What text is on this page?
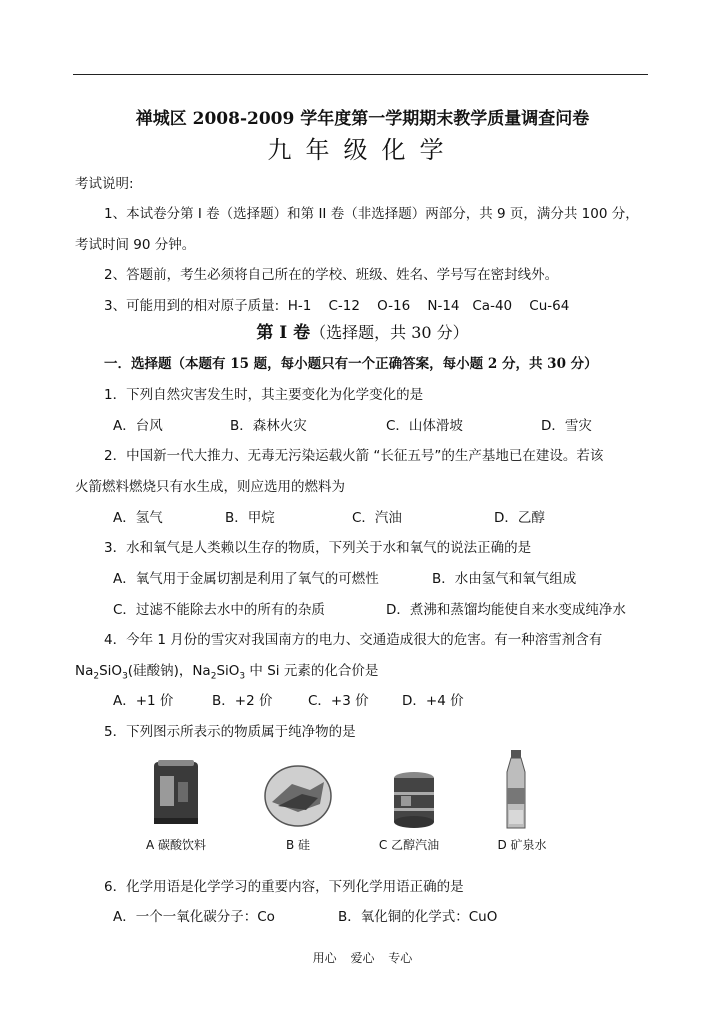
禅城区 2008-2009 学年度第一学期期末教学质量调查问卷
九年级化学
考试说明:
1、本试卷分第 I 卷（选择题）和第 II 卷（非选择题）两部分，共 9 页，满分共 100 分，
考试时间 90 分钟。
2、答题前，考生必须将自己所在的学校、班级、姓名、学号写在密封线外。
3、可能用到的相对原子质量:  H-1    C-12    O-16    N-14   Ca-40    Cu-64
第 I 卷（选择题，共 30 分）
一．选择题（本题有 15 题，每小题只有一个正确答案，每小题 2 分，共 30 分）
1．下列自然灾害发生时，其主要变化为化学变化的是
A．台风	B．森林火灾	C．山体滑坡	D．雪灾
2．中国新一代大推力、无毒无污染运载火箭 “长征五号”的生产基地已在建设。若该
火箭燃料燃烧只有水生成，则应选用的燃料为
A．氢气	B．甲烷	C．汽油	D．乙醇
3．水和氧气是人类赖以生存的物质，下列关于水和氧气的说法正确的是
A．氧气用于金属切割是利用了氧气的可燃性	B．水由氢气和氧气组成
C．过滤不能除去水中的所有的杂质	D．煮沸和蒸馏均能使自来水变成纯净水
4．今年 1 月份的雪灾对我国南方的电力、交通造成很大的危害。有一种溶雪剂含有
$Na_2SiO_3$(硅酸钠)，$Na_2SiO_3$ 中 Si 元素的化合价是
A．+1 价	B．+2 价	C．+3 价 D．+4 价
5．下列图示所表示的物质属于纯净物的是
A 碳酸饮料	B 硅	C 乙醇汽油	D 矿泉水
6．化学用语是化学学习的重要内容，下列化学用语正确的是
A．一个一氧化碳分子：Co	B．氧化铜的化学式：CuO
用心 爱心 专心
